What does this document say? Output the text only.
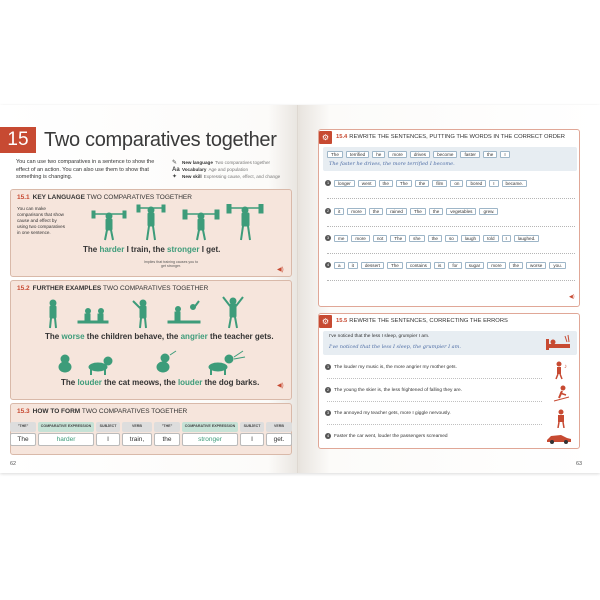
15 Two comparatives together
You can use two comparatives in a sentence to show the effect of an action. You can also use them to show that something is changing.
✎	New language Two comparatives together
Aa Vocabulary Age and population
✦	New skill Expressing cause, effect, and change
15.1 KEY LANGUAGE TWO COMPARATIVES TOGETHER
You can make comparisons that show cause and effect by using two comparatives in one sentence.
The harder I train, the stronger I get.
Implies that training causes you to get stronger.
◀)
15.2 FURTHER EXAMPLES TWO COMPARATIVES TOGETHER
The worse the children behave, the angrier the teacher gets.
The louder the cat meows, the louder the dog barks.	◀)
15.3 HOW TO FORM TWO COMPARATIVES TOGETHER
"THE"	COMPARATIVE EXPRESSION	SUBJECT	VERB	"THE"	COMPARATIVE EXPRESSION	SUBJECT	VERB
The	harder	I	train,	the	stronger	I	get.
62
⚙	15.4 REWRITE THE SENTENCES, PUTTING THE WORDS IN THE CORRECT ORDER
The	terrified	he	more	drives	become	faster	the	I
The faster he drives, the more terrified I become.
1	longer	went	the	The	the	film	on	bored	I	became.
2	it	more	the	rained	The	the	vegetables	grew.
3	me	more	not	The	she	the	so	laugh	told	I	laughed.
4	a	it	dessert	The	contains	is	for	sugar	more	the	worse	you.
◀)
⚙	15.5 REWRITE THE SENTENCES, CORRECTING THE ERRORS
I've noticed that the less I sleep, grumpier I am.
I've noticed that the less I sleep, the grumpier I am.
1	The louder my music is, the more angrier my mother gets.	♪
2	The young the skier is, the less frightened of falling they are.
3	The annoyed my teacher gets, more I giggle nervously.
4	Faster the car went, louder the passengers screamed
63
